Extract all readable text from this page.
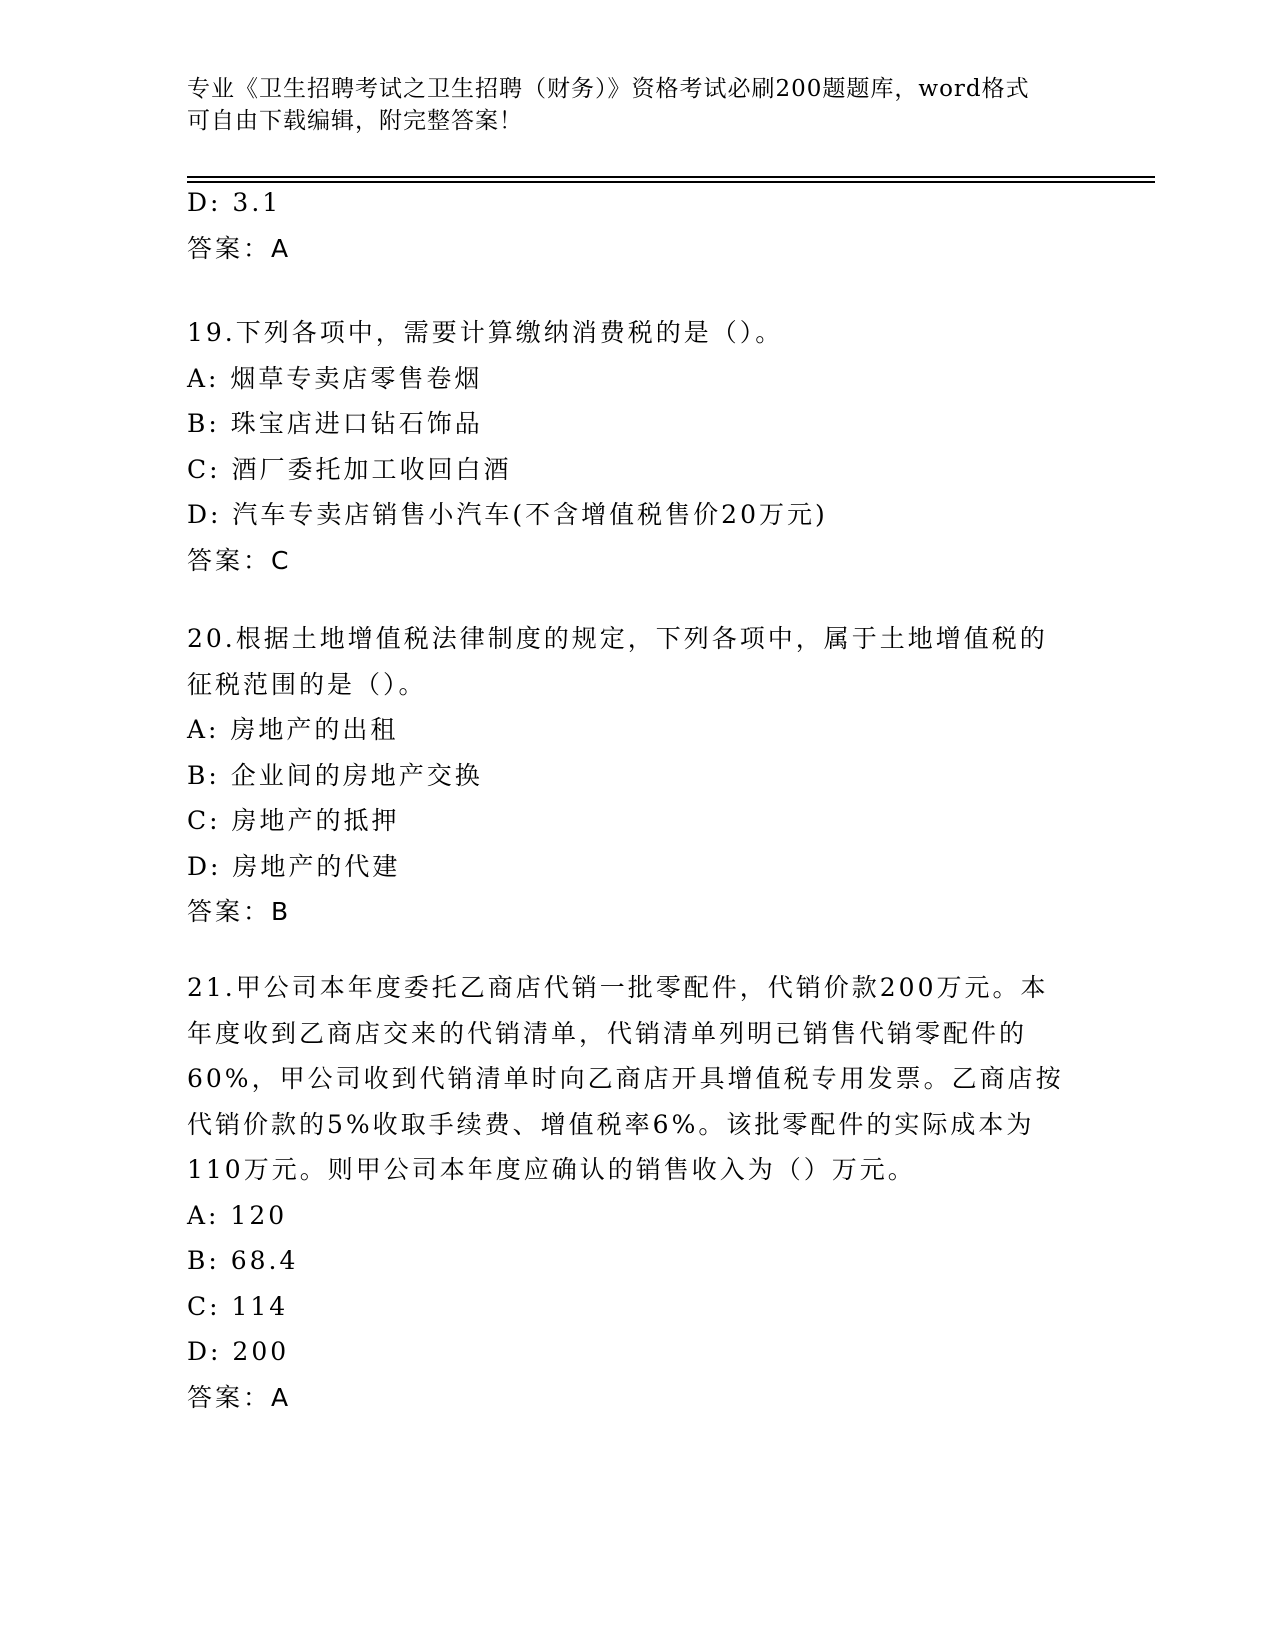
专业《卫生招聘考试之卫生招聘（财务）》资格考试必刷200题题库，word格式
可自由下载编辑，附完整答案！
D: 3.1
答案：A
19.下列各项中，需要计算缴纳消费税的是（）。
A: 烟草专卖店零售卷烟
B: 珠宝店进口钻石饰品
C: 酒厂委托加工收回白酒
D: 汽车专卖店销售小汽车(不含增值税售价20万元)
答案：C
20.根据土地增值税法律制度的规定，下列各项中，属于土地增值税的
征税范围的是（）。
A: 房地产的出租
B: 企业间的房地产交换
C: 房地产的抵押
D: 房地产的代建
答案：B
21.甲公司本年度委托乙商店代销一批零配件，代销价款200万元。本
年度收到乙商店交来的代销清单，代销清单列明已销售代销零配件的
60%，甲公司收到代销清单时向乙商店开具增值税专用发票。乙商店按
代销价款的5%收取手续费、增值税率6%。该批零配件的实际成本为
110万元。则甲公司本年度应确认的销售收入为（）万元。
A: 120
B: 68.4
C: 114
D: 200
答案：A
